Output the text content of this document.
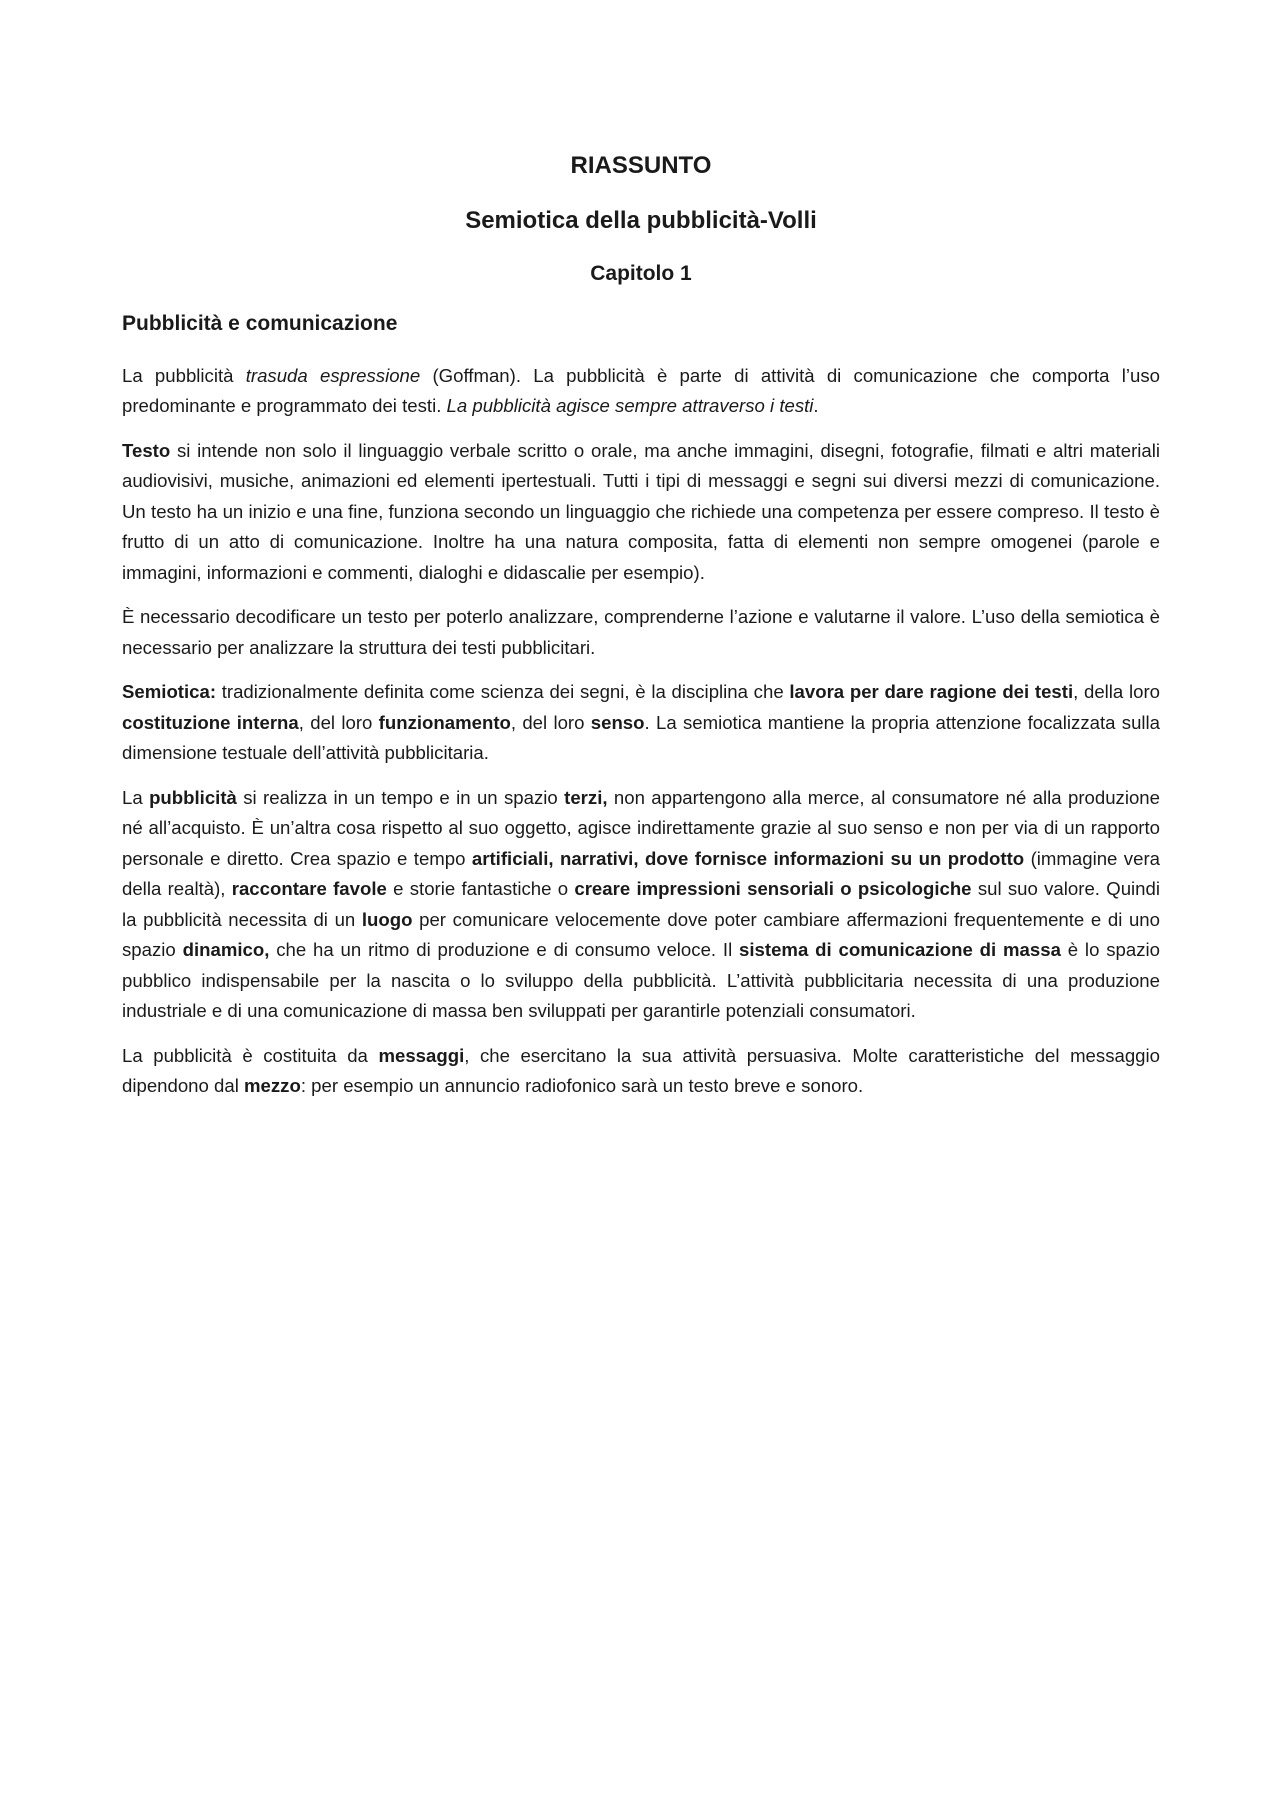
RIASSUNTO
Semiotica della pubblicità-Volli
Capitolo 1
Pubblicità e comunicazione

La pubblicità trasuda espressione (Goffman). La pubblicità è parte di attività di comunicazione che comporta l’uso predominante e programmato dei testi. La pubblicità agisce sempre attraverso i testi.

Testo si intende non solo il linguaggio verbale scritto o orale, ma anche immagini, disegni, fotografie, filmati e altri materiali audiovisivi, musiche, animazioni ed elementi ipertestuali. Tutti i tipi di messaggi e segni sui diversi mezzi di comunicazione. Un testo ha un inizio e una fine, funziona secondo un linguaggio che richiede una competenza per essere compreso. Il testo è frutto di un atto di comunicazione. Inoltre ha una natura composita, fatta di elementi non sempre omogenei (parole e immagini, informazioni e commenti, dialoghi e didascalie per esempio).

È necessario decodificare un testo per poterlo analizzare, comprenderne l’azione e valutarne il valore. L’uso della semiotica è necessario per analizzare la struttura dei testi pubblicitari.

Semiotica: tradizionalmente definita come scienza dei segni, è la disciplina che lavora per dare ragione dei testi, della loro costituzione interna, del loro funzionamento, del loro senso. La semiotica mantiene la propria attenzione focalizzata sulla dimensione testuale dell’attività pubblicitaria.

La pubblicità si realizza in un tempo e in un spazio terzi, non appartengono alla merce, al consumatore né alla produzione né all’acquisto. È un’altra cosa rispetto al suo oggetto, agisce indirettamente grazie al suo senso e non per via di un rapporto personale e diretto. Crea spazio e tempo artificiali, narrativi, dove fornisce informazioni su un prodotto (immagine vera della realtà), raccontare favole e storie fantastiche o creare impressioni sensoriali o psicologiche sul suo valore. Quindi la pubblicità necessita di un luogo per comunicare velocemente dove poter cambiare affermazioni frequentemente e di uno spazio dinamico, che ha un ritmo di produzione e di consumo veloce. Il sistema di comunicazione di massa è lo spazio pubblico indispensabile per la nascita o lo sviluppo della pubblicità. L’attività pubblicitaria necessita di una produzione industriale e di una comunicazione di massa ben sviluppati per garantirle potenziali consumatori.

La pubblicità è costituita da messaggi, che esercitano la sua attività persuasiva. Molte caratteristiche del messaggio dipendono dal mezzo: per esempio un annuncio radiofonico sarà un testo breve e sonoro.
